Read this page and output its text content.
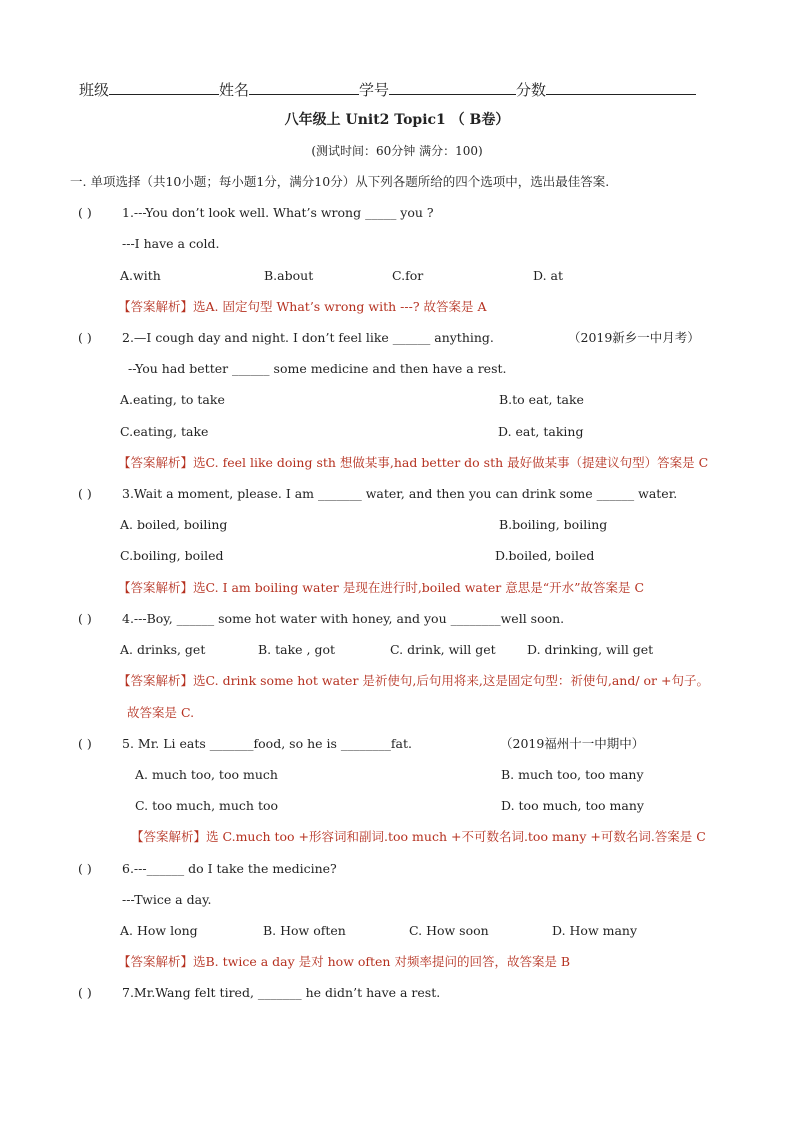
班级	姓名	学号	分数
八年级上 Unit2 Topic1 （ B卷）
(测试时间：60分钟 满分：100)
一. 单项选择（共10小题；每小题1分，满分10分）从下列各题所给的四个选项中，选出最佳答案.
( ) 1.---You don’t look well. What’s wrong _____ you ?
---I have a cold.
A.with	B.about	C.for	D. at
【答案解析】选A. 固定句型 What’s wrong with ---? 故答案是 A
( ) 2.—I cough day and night. I don’t feel like ______ anything.	（2019新乡一中月考）
--You had better ______ some medicine and then have a rest.
A.eating, to take	B.to eat, take
C.eating, take	D. eat, taking
【答案解析】选C. feel like doing sth 想做某事,had better do sth 最好做某事（提建议句型）答案是 C
( ) 3.Wait a moment, please. I am _______ water, and then you can drink some ______ water.
A. boiled, boiling	B.boiling, boiling
C.boiling, boiled	D.boiled, boiled
【答案解析】选C. I am boiling water 是现在进行时,boiled water 意思是“开水”故答案是 C
( ) 4.---Boy, ______ some hot water with honey, and you ________well soon.
A. drinks, get	B. take , got	C. drink, will get	D. drinking, will get
【答案解析】选C. drink some hot water 是祈使句,后句用将来,这是固定句型：祈使句,and/ or +句子。
故答案是 C.
( ) 5. Mr. Li eats _______food, so he is ________fat.	（2019福州十一中期中）
A. much too, too much	B. much too, too many
C. too much, much too	D. too much, too many
【答案解析】选 C.much too +形容词和副词.too much +不可数名词.too many +可数名词.答案是 C
( ) 6.---______ do I take the medicine?
---Twice a day.
A. How long	B. How often	C. How soon	D. How many
【答案解析】选B. twice a day 是对 how often 对频率提问的回答，故答案是 B
( ) 7.Mr.Wang felt tired, _______ he didn’t have a rest.
